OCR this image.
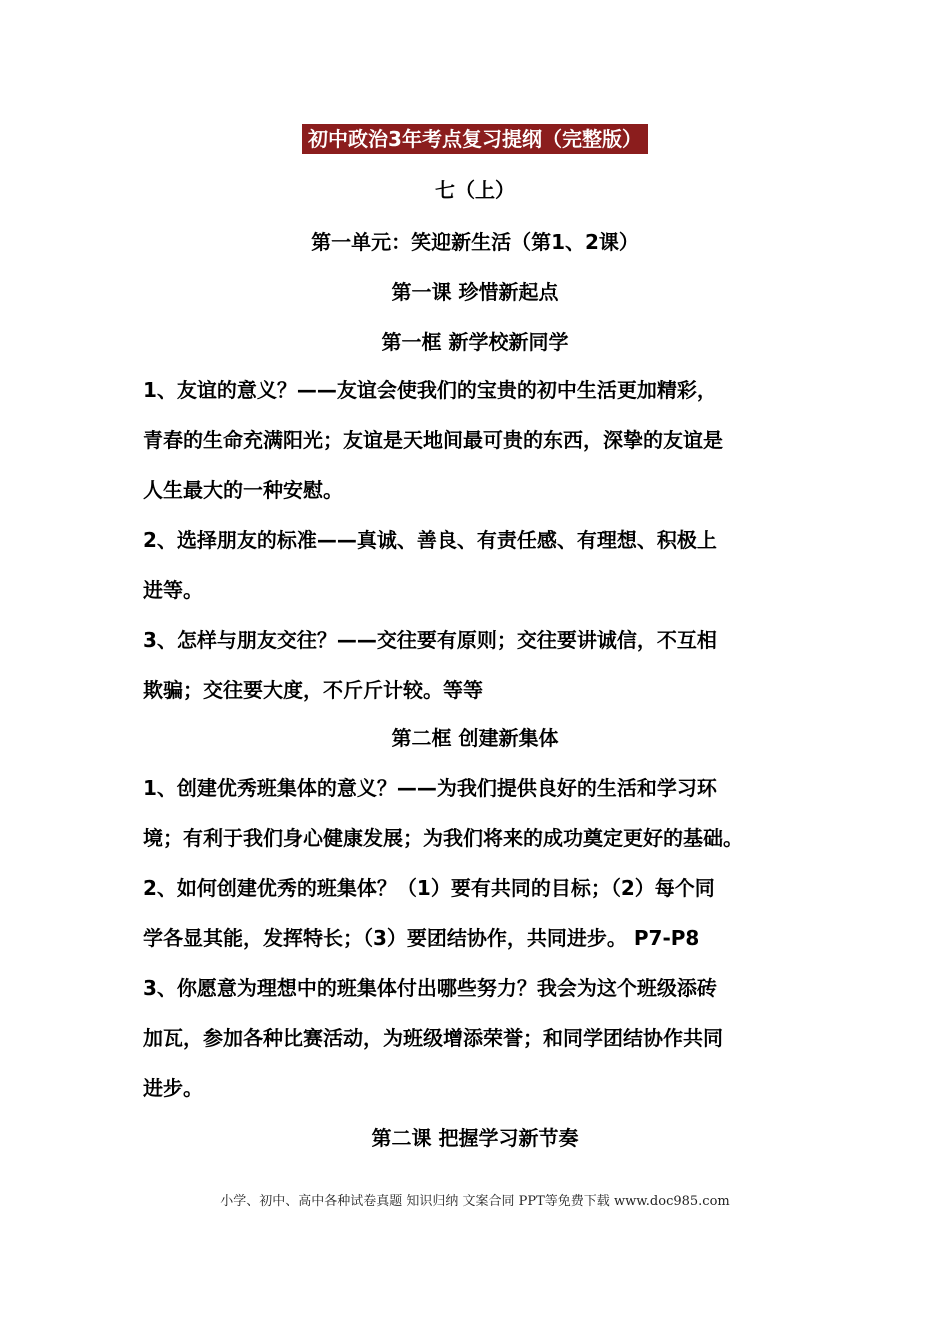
初中政治3年考点复习提纲（完整版）
七（上）
第一单元：笑迎新生活（第1、2课）
第一课 珍惜新起点
第一框 新学校新同学

1、友谊的意义？——友谊会使我们的宝贵的初中生活更加精彩，

青春的生命充满阳光；友谊是天地间最可贵的东西，深挚的友谊是

人生最大的一种安慰。

2、选择朋友的标准——真诚、善良、有责任感、有理想、积极上

进等。

3、怎样与朋友交往？——交往要有原则；交往要讲诚信，不互相

欺骗；交往要大度，不斤斤计较。等等

第二框 创建新集体

1、创建优秀班集体的意义？——为我们提供良好的生活和学习环

境；有利于我们身心健康发展；为我们将来的成功奠定更好的基础。

2、如何创建优秀的班集体？（1）要有共同的目标；（2）每个同

学各显其能，发挥特长；（3）要团结协作，共同进步。 P7-P8

3、你愿意为理想中的班集体付出哪些努力？我会为这个班级添砖

加瓦，参加各种比赛活动，为班级增添荣誉；和同学团结协作共同

进步。

第二课 把握学习新节奏
小学、初中、高中各种试卷真题 知识归纳 文案合同 PPT等免费下载 www.doc985.com
